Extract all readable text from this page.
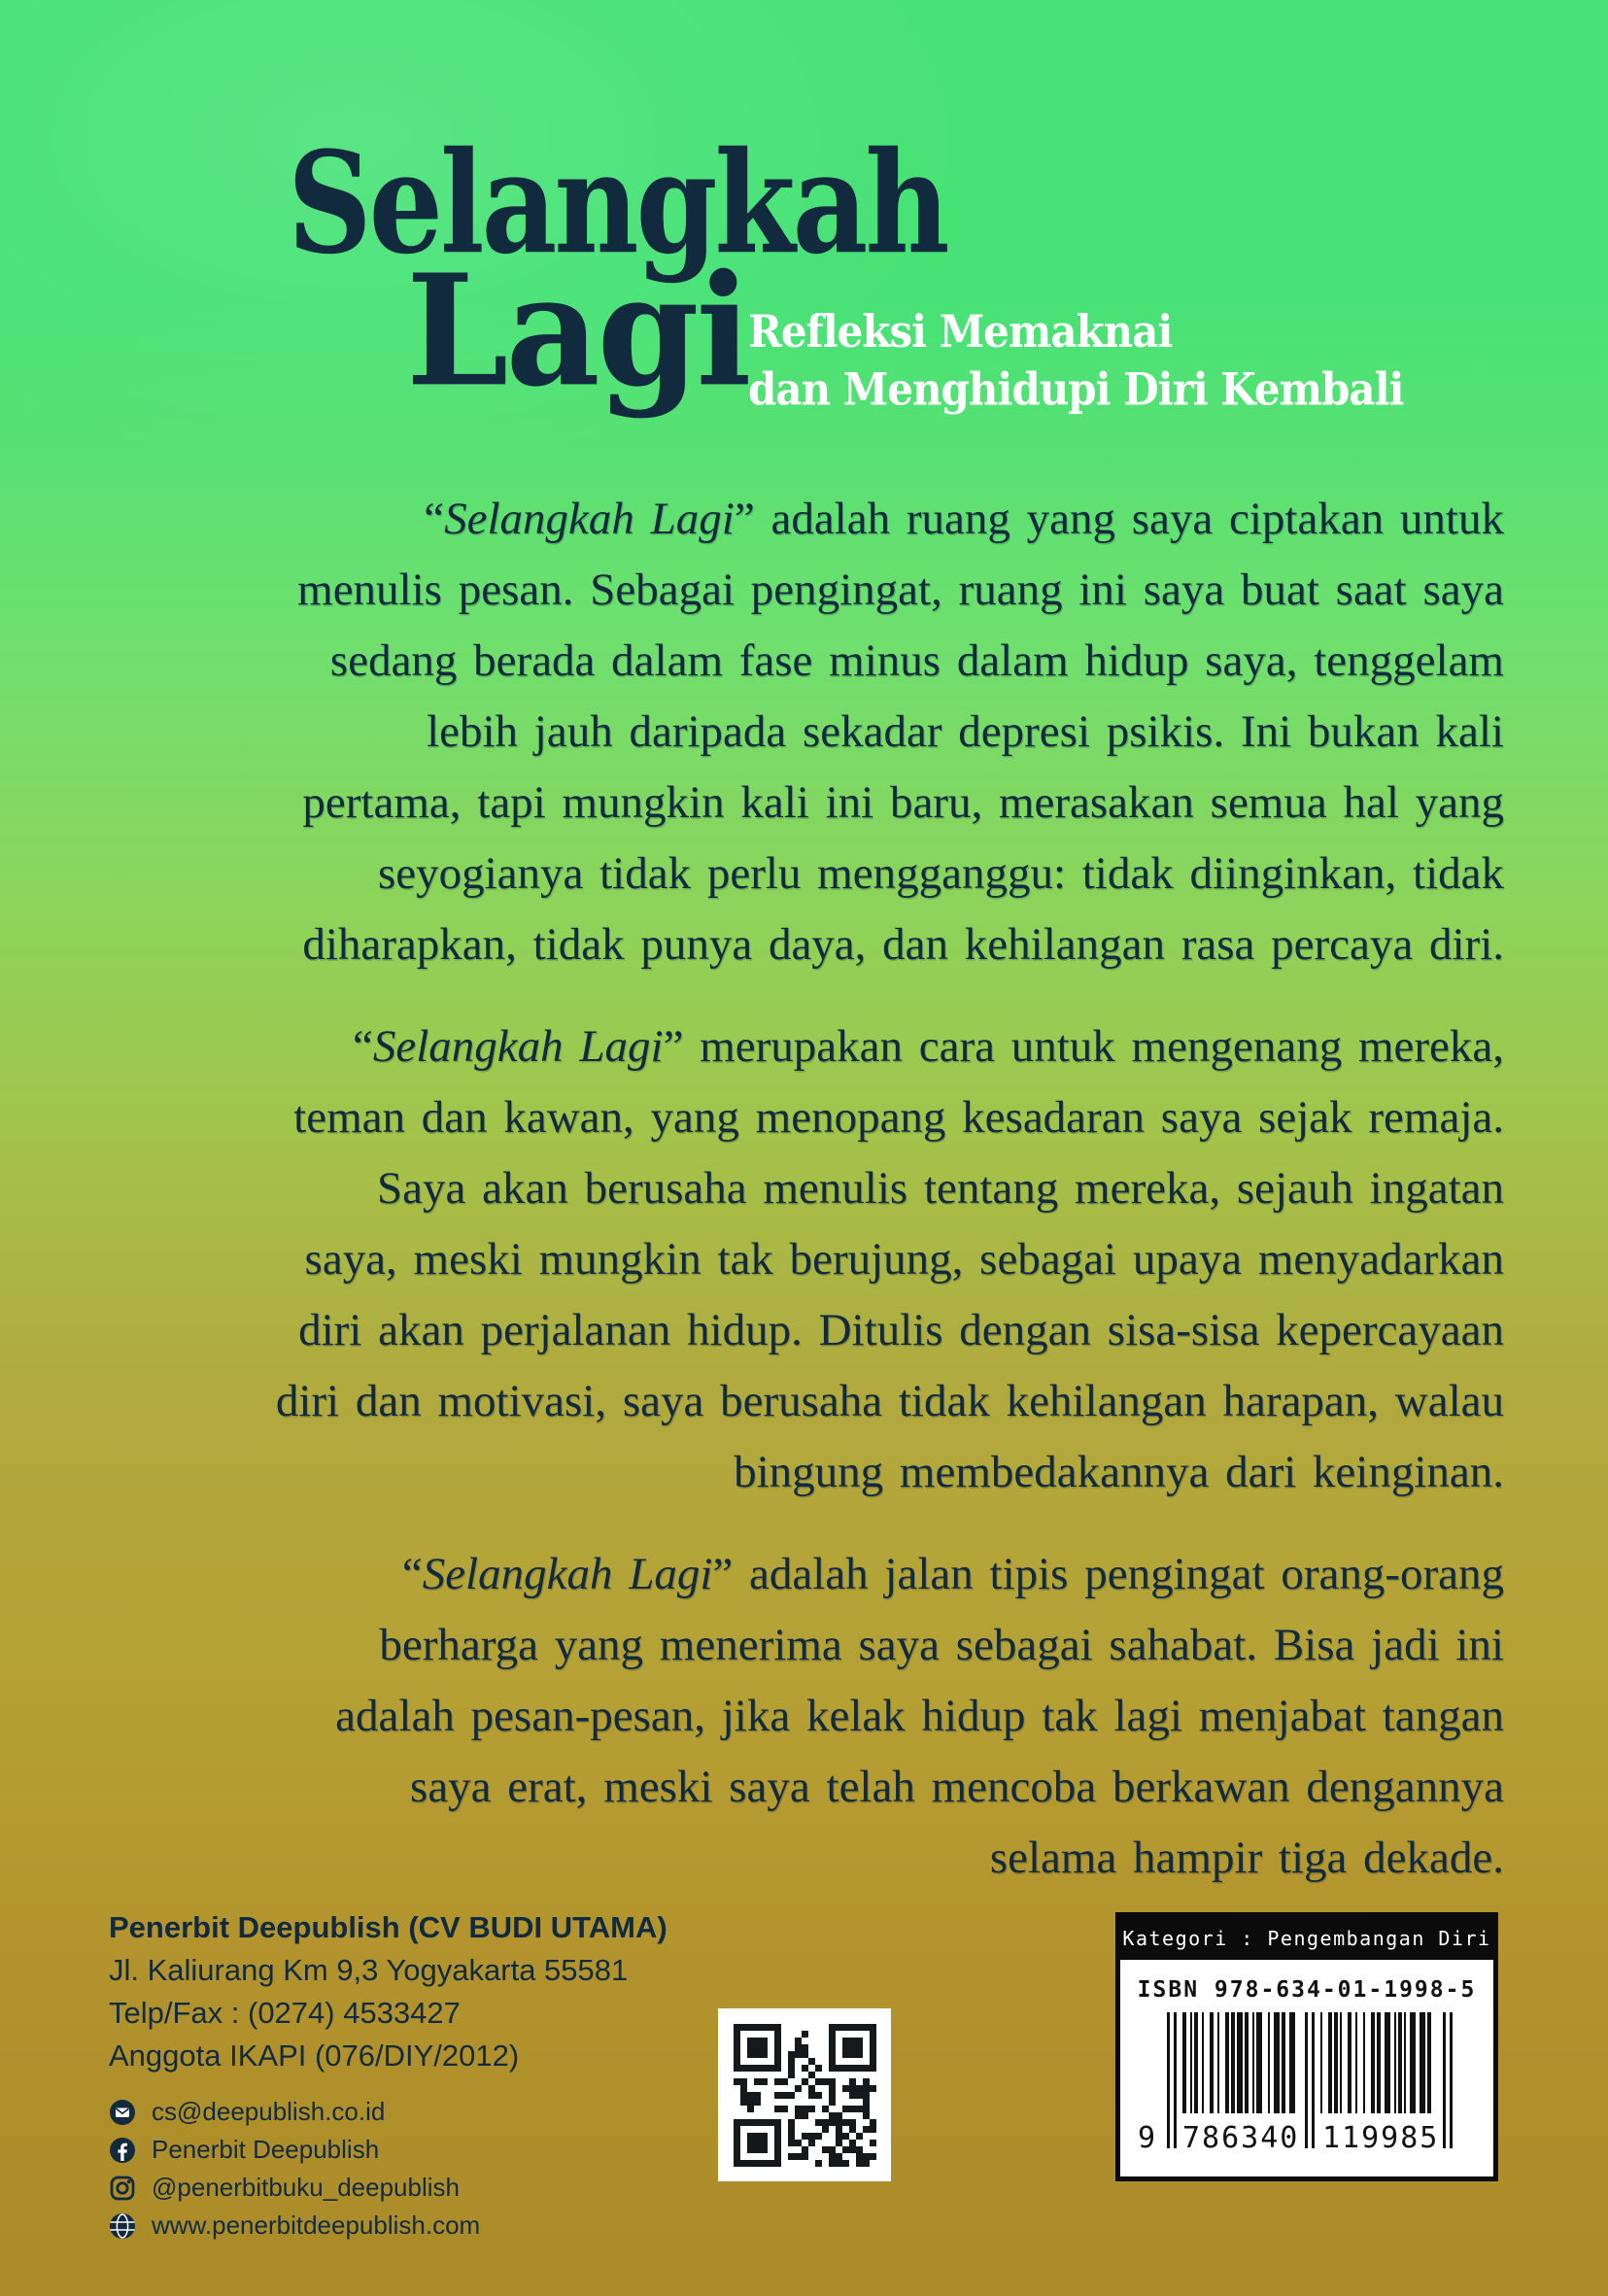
Selangkah
Lagi Refleksi Memaknai
dan Menghidupi Diri Kembali
“Selangkah Lagi” adalah ruang yang saya ciptakan untuk
menulis pesan. Sebagai pengingat, ruang ini saya buat saat saya
sedang berada dalam fase minus dalam hidup saya, tenggelam
lebih jauh daripada sekadar depresi psikis. Ini bukan kali
pertama, tapi mungkin kali ini baru, merasakan semua hal yang
seyogianya tidak perlu mengganggu: tidak diinginkan, tidak
diharapkan, tidak punya daya, dan kehilangan rasa percaya diri.
“Selangkah Lagi” merupakan cara untuk mengenang mereka,
teman dan kawan, yang menopang kesadaran saya sejak remaja.
Saya akan berusaha menulis tentang mereka, sejauh ingatan
saya, meski mungkin tak berujung, sebagai upaya menyadarkan
diri akan perjalanan hidup. Ditulis dengan sisa-sisa kepercayaan
diri dan motivasi, saya berusaha tidak kehilangan harapan, walau
bingung membedakannya dari keinginan.
“Selangkah Lagi” adalah jalan tipis pengingat orang-orang
berharga yang menerima saya sebagai sahabat. Bisa jadi ini
adalah pesan-pesan, jika kelak hidup tak lagi menjabat tangan
saya erat, meski saya telah mencoba berkawan dengannya
selama hampir tiga dekade.
Penerbit Deepublish (CV BUDI UTAMA)
Jl. Kaliurang Km 9,3 Yogyakarta 55581
Telp/Fax : (0274) 4533427
Anggota IKAPI (076/DIY/2012)
cs@deepublish.co.id
Penerbit Deepublish
@penerbitbuku_deepublish
www.penerbitdeepublish.com
Kategori : Pengembangan Diri
ISBN 978-634-01-1998-5
9 786340 119985
